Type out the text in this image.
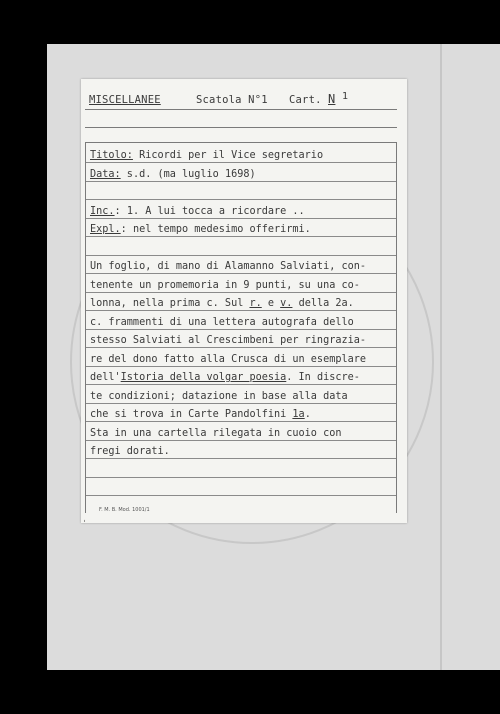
MISCELLANEE	Scatola N°1 Cart. N 1
Titolo: Ricordi per il Vice segretario
Data: s.d. (ma luglio 1698)
Inc.: 1. A lui tocca a ricordare ..
Expl.: nel tempo medesimo offerirmi.
Un foglio, di mano di Alamanno Salviati, con-
tenente un promemoria in 9 punti, su una co-
lonna, nella prima c. Sul r. e v. della 2a.
c. frammenti di una lettera autografa dello
stesso Salviati al Crescimbeni per ringrazia-
re del dono fatto alla Crusca di un esemplare
dell'Istoria della volgar poesia. In discre-
te condizioni; datazione in base alla data
che si trova in Carte Pandolfini 1a.
Sta in una cartella rilegata in cuoio con
fregi dorati.
F. M. B. Mod. 1001/1
ˈ
